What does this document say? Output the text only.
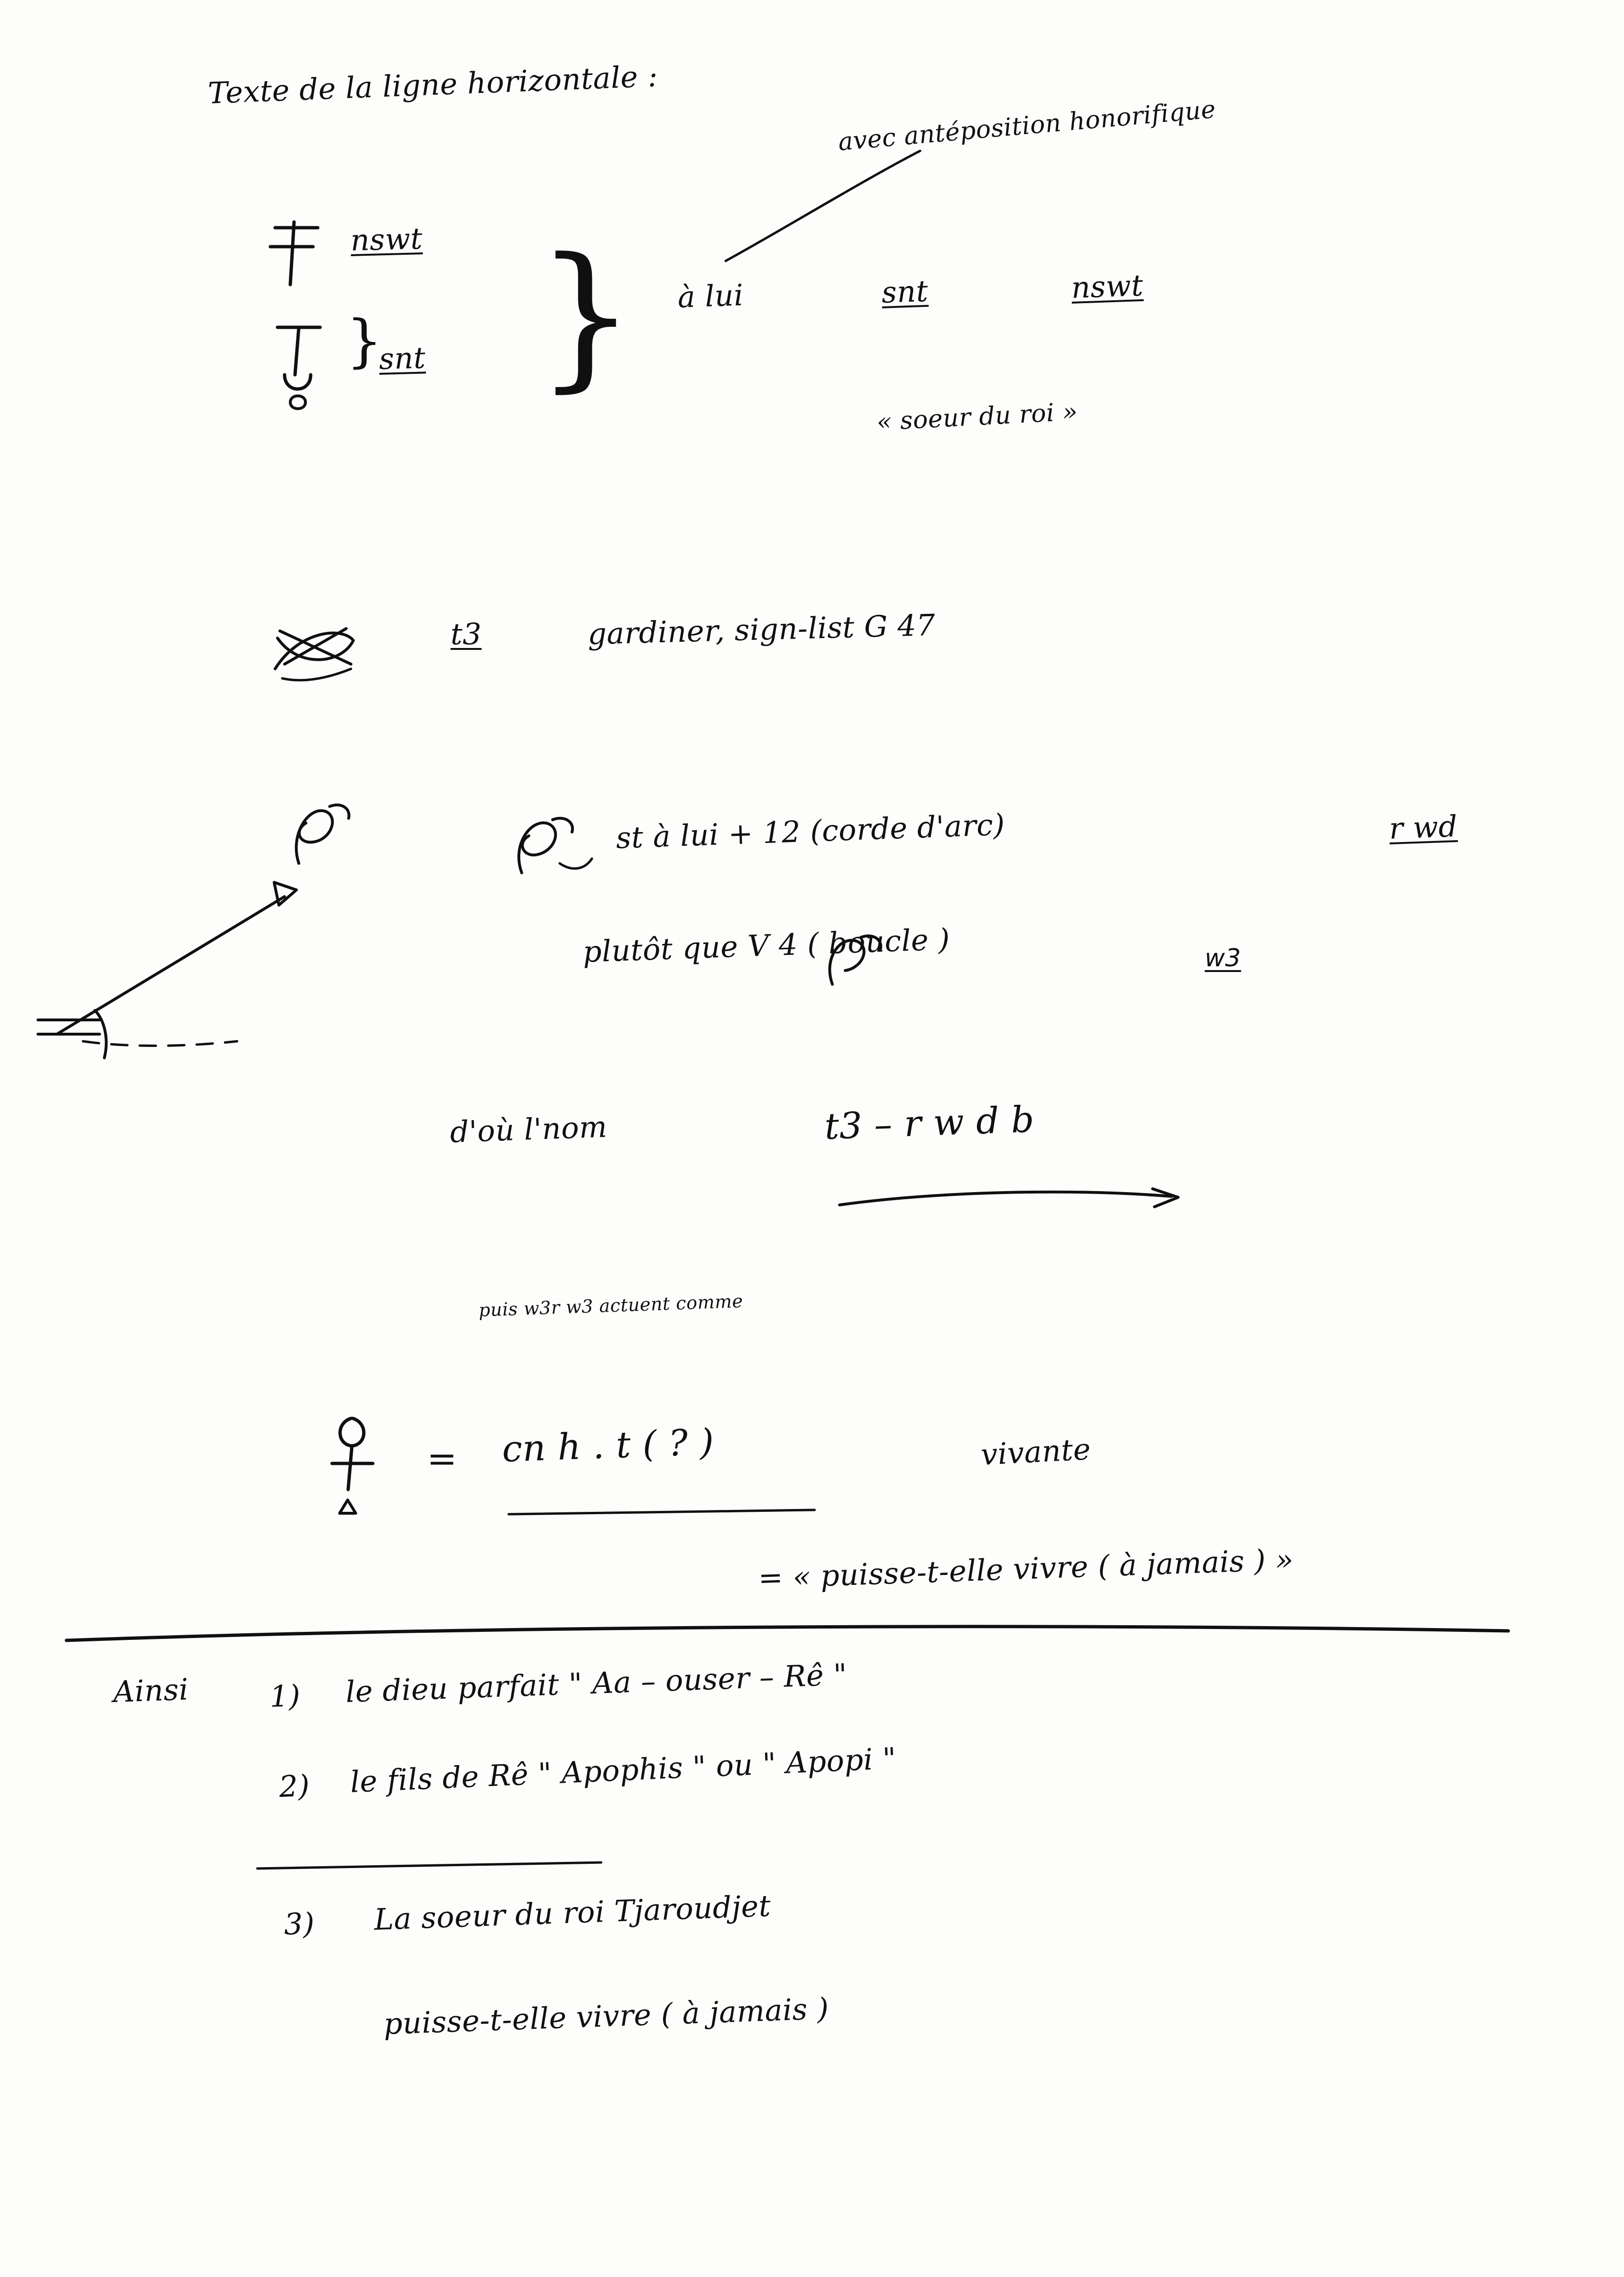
Texte de la ligne horizontale :
avec antéposition honorifique
nswt
}
snt } à lui	snt	nswt
« soeur du roi »
t3	gardiner, sign-list G 47
st à lui + 12 (corde d'arc)	r wd
plutôt que V 4 ( boucle )	w3
d'où l'nom	t3 – r w d b
puis w3r w3 actuent comme
= cn h . t ( ? )	vivante
= « puisse-t-elle vivre ( à jamais ) »
Ainsi	1) le dieu parfait " Aa – ouser – Rê "
2) le fils de Rê " Apophis " ou " Apopi "
3) La soeur du roi Tjaroudjet
puisse-t-elle vivre ( à jamais )
